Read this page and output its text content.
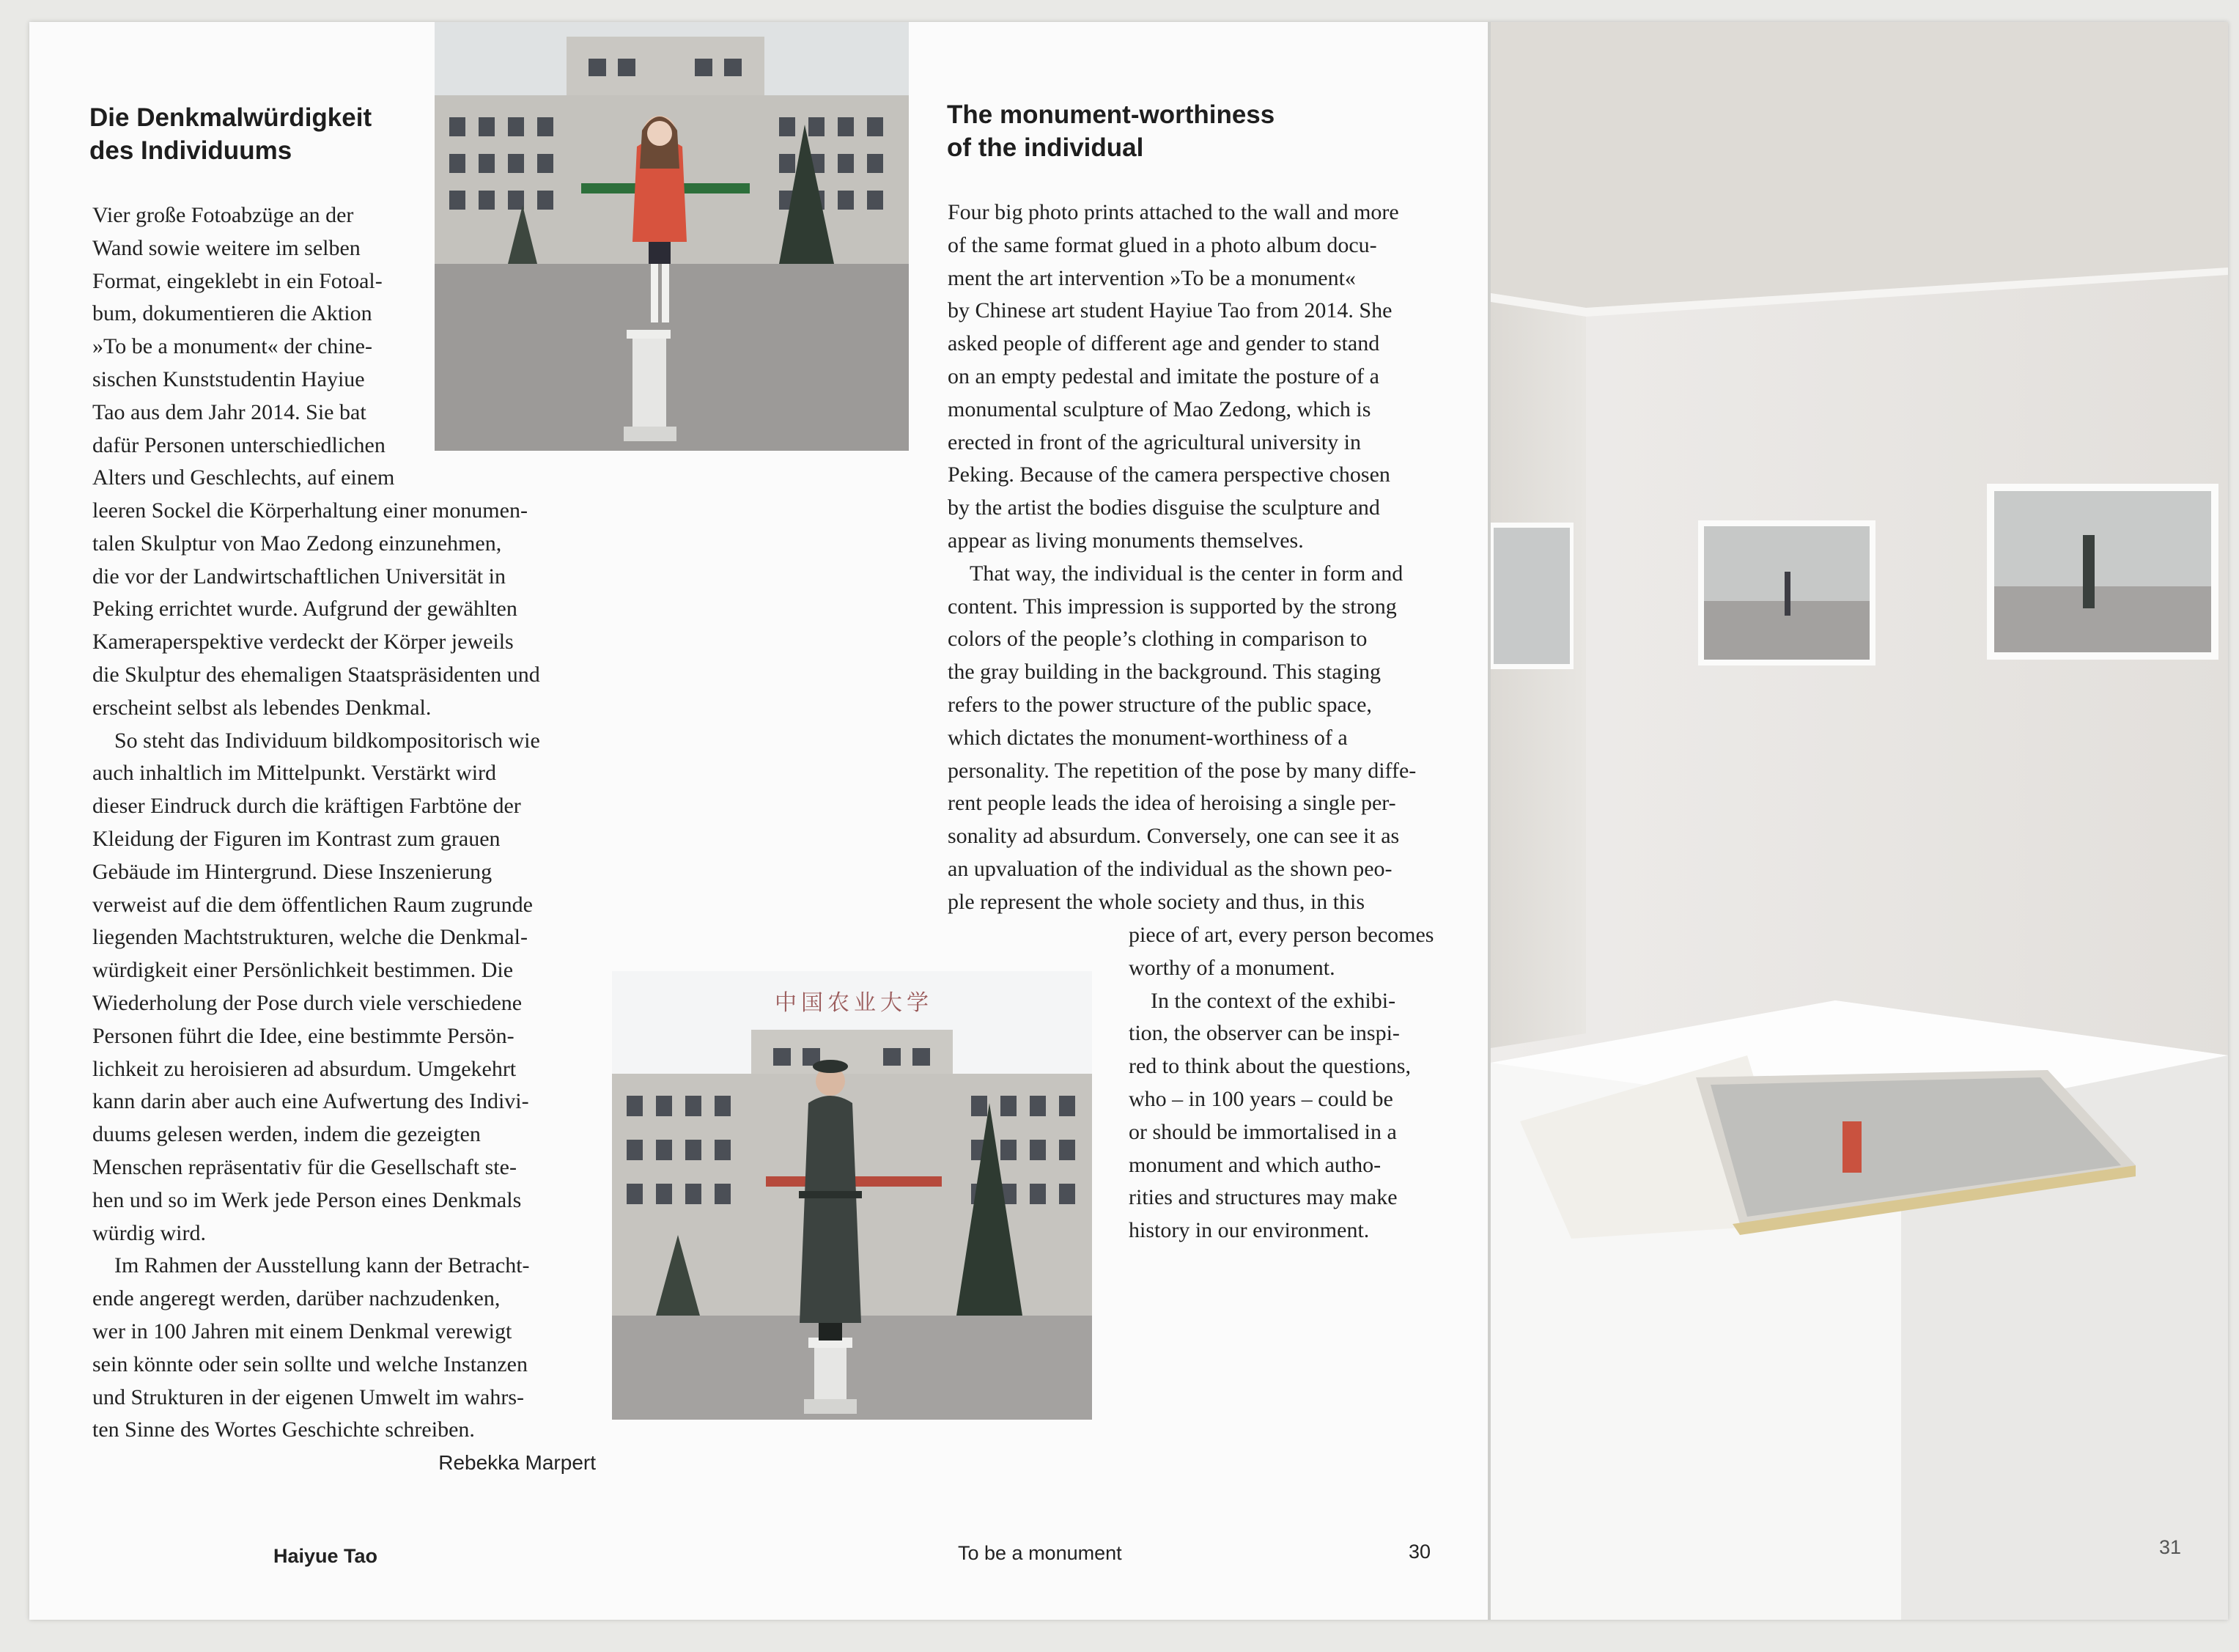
Die Denkmalwürdigkeit
des Individuums
Vier große Fotoabzüge an der
Wand sowie weitere im selben
Format, eingeklebt in ein Fotoal-
bum, dokumentieren die Aktion
»To be a monument« der chine-
sischen Kunststudentin Hayiue
Tao aus dem Jahr 2014. Sie bat
dafür Personen unterschiedlichen
Alters und Geschlechts, auf einem
leeren Sockel die Körperhaltung einer monumen-
talen Skulptur von Mao Zedong einzunehmen,
die vor der Landwirtschaftlichen Universität in
Peking errichtet wurde. Aufgrund der gewählten
Kameraperspektive verdeckt der Körper jeweils
die Skulptur des ehemaligen Staatspräsidenten und
erscheint selbst als lebendes Denkmal.
So steht das Individuum bildkompositorisch wie
auch inhaltlich im Mittelpunkt. Verstärkt wird
dieser Eindruck durch die kräftigen Farbtöne der
Kleidung der Figuren im Kontrast zum grauen
Gebäude im Hintergrund. Diese Inszenierung
verweist auf die dem öffentlichen Raum zugrunde
liegenden Machtstrukturen, welche die Denkmal-
würdigkeit einer Persönlichkeit bestimmen. Die
Wiederholung der Pose durch viele verschiedene
Personen führt die Idee, eine bestimmte Persön-
lichkeit zu heroisieren ad absurdum. Umgekehrt
kann darin aber auch eine Aufwertung des Indivi-
duums gelesen werden, indem die gezeigten
Menschen repräsentativ für die Gesellschaft ste-
hen und so im Werk jede Person eines Denkmals
würdig wird.
Im Rahmen der Ausstellung kann der Betracht-
ende angeregt werden, darüber nachzudenken,
wer in 100 Jahren mit einem Denkmal verewigt
sein könnte oder sein sollte und welche Instanzen
und Strukturen in der eigenen Umwelt im wahrs-
ten Sinne des Wortes Geschichte schreiben.
Rebekka Marpert
The monument-worthiness
of the individual
Four big photo prints attached to the wall and more
of the same format glued in a photo album docu-
ment the art intervention »To be a monument«
by Chinese art student Hayiue Tao from 2014. She
asked people of different age and gender to stand
on an empty pedestal and imitate the posture of a
monumental sculpture of Mao Zedong, which is
erected in front of the agricultural university in
Peking. Because of the camera perspective chosen
by the artist the bodies disguise the sculpture and
appear as living monuments themselves.
That way, the individual is the center in form and
content. This impression is supported by the strong
colors of the people’s clothing in comparison to
the gray building in the background. This staging
refers to the power structure of the public space,
which dictates the monument-worthiness of a
personality. The repetition of the pose by many diffe-
rent people leads the idea of heroising a single per-
sonality ad absurdum. Conversely, one can see it as
an upvaluation of the individual as the shown peo-
ple represent the whole society and thus, in this
piece of art, every person becomes
worthy of a monument.
In the context of the exhibi-
tion, the observer can be inspi-
red to think about the questions,
who – in 100 years – could be
or should be immortalised in a
monument and which autho-
rities and structures may make
history in our environment.
中国农业大学
Haiyue Tao	To be a monument	30	31
